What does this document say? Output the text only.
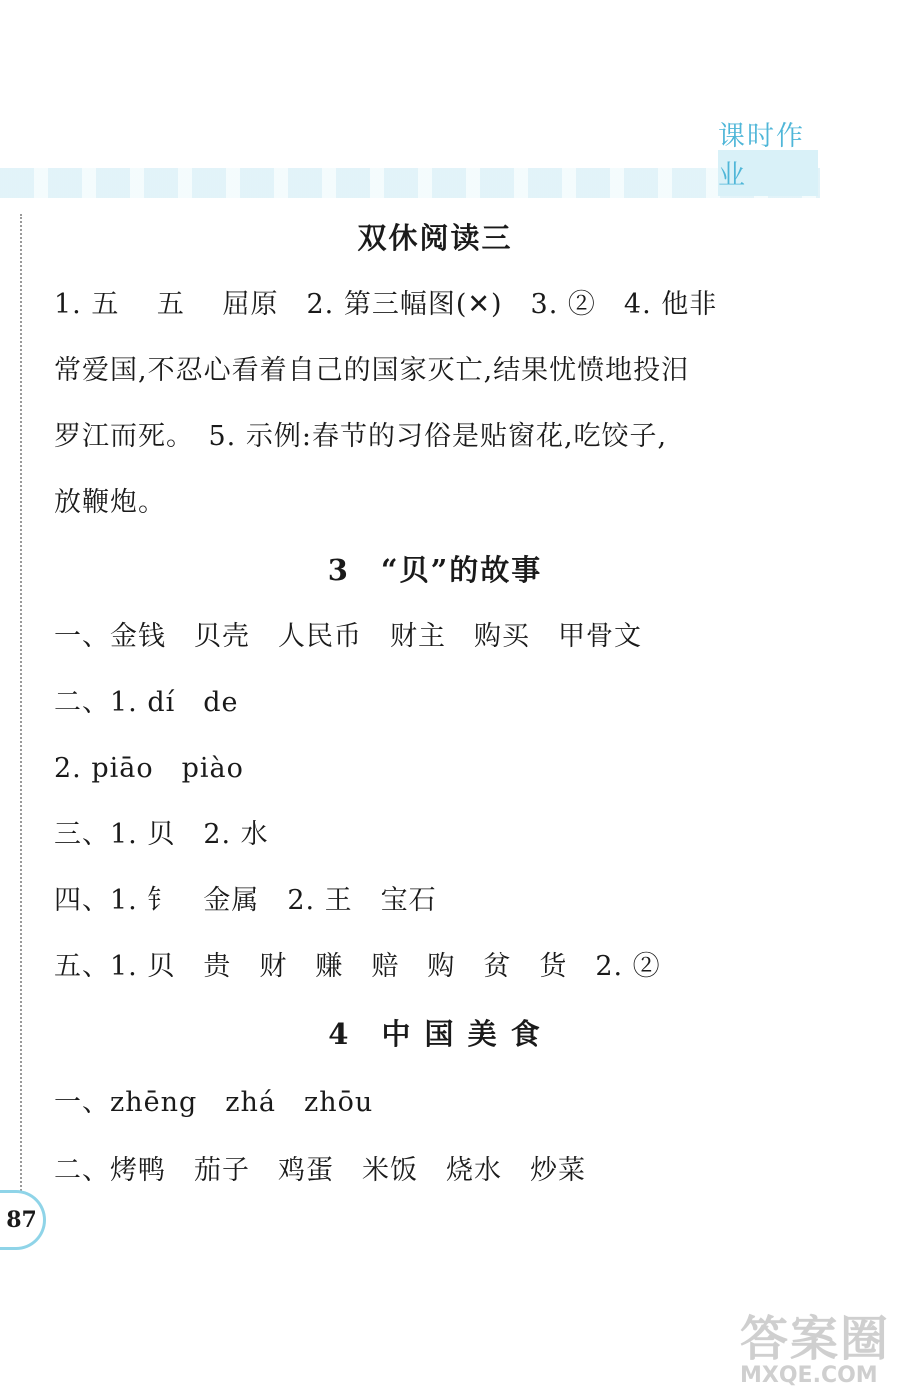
课时作业
双休阅读三
1. 五　 五　 屈原　2. 第三幅图(✕)　3. ②　4. 他非
常爱国,不忍心看着自己的国家灭亡,结果忧愤地投汨
罗江而死。　5. 示例:春节的习俗是贴窗花,吃饺子,
放鞭炮。
3　“贝”的故事
一、金钱　贝壳　人民币　财主　购买　甲骨文
二、1. dí　de
2. piāo　piào
三、1. 贝　2. 水
四、1. 钅　金属　2. 王　宝石
五、1. 贝　贵　财　赚　赔　购　贫　货　2. ②
4　中 国 美 食
一、zhēng　zhá　zhōu
二、烤鸭　茄子　鸡蛋　米饭　烧水　炒菜
87
答案圈
MXQE.COM
